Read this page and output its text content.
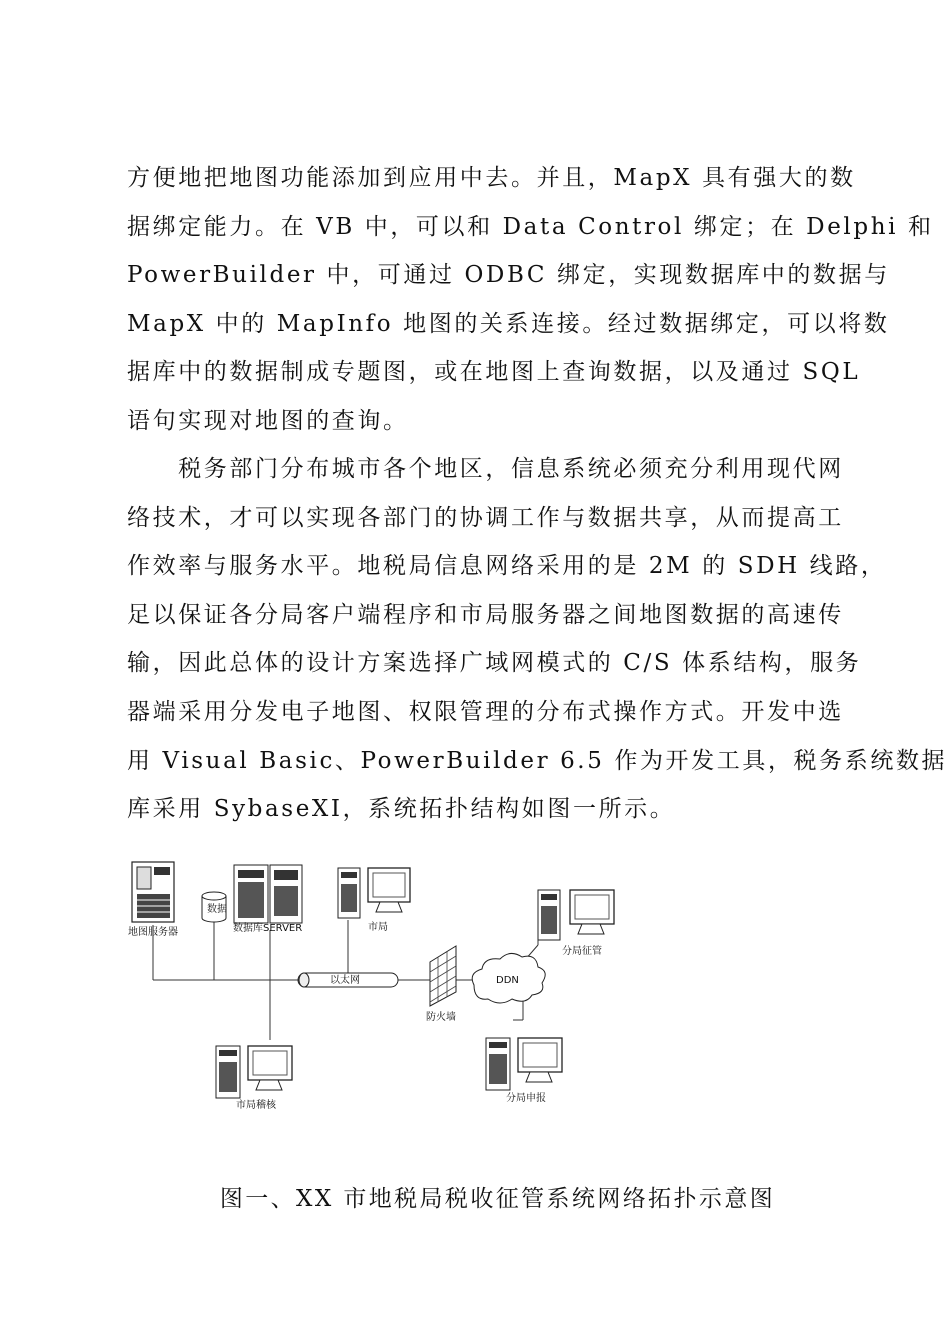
方便地把地图功能添加到应用中去。并且，MapX 具有强大的数
据绑定能力。在 VB 中，可以和 Data Control 绑定；在 Delphi 和
PowerBuilder 中，可通过 ODBC 绑定，实现数据库中的数据与
MapX 中的 MapInfo 地图的关系连接。经过数据绑定，可以将数
据库中的数据制成专题图，或在地图上查询数据，以及通过 SQL
语句实现对地图的查询。

　　税务部门分布城市各个地区，信息系统必须充分利用现代网
络技术，才可以实现各部门的协调工作与数据共享，从而提高工
作效率与服务水平。地税局信息网络采用的是 2M 的 SDH 线路，
足以保证各分局客户端程序和市局服务器之间地图数据的高速传
输，因此总体的设计方案选择广域网模式的 C/S 体系结构，服务
器端采用分发电子地图、权限管理的分布式操作方式。开发中选
用 Visual Basic、PowerBuilder 6.5 作为开发工具，税务系统数据
库采用 SybaseXI，系统拓扑结构如图一所示。

地图服务器
数据
数据库SERVER	市局
以太网
防火墙
DDN
分局征管
市局稽核
分局申报

图一、XX 市地税局税收征管系统网络拓扑示意图
